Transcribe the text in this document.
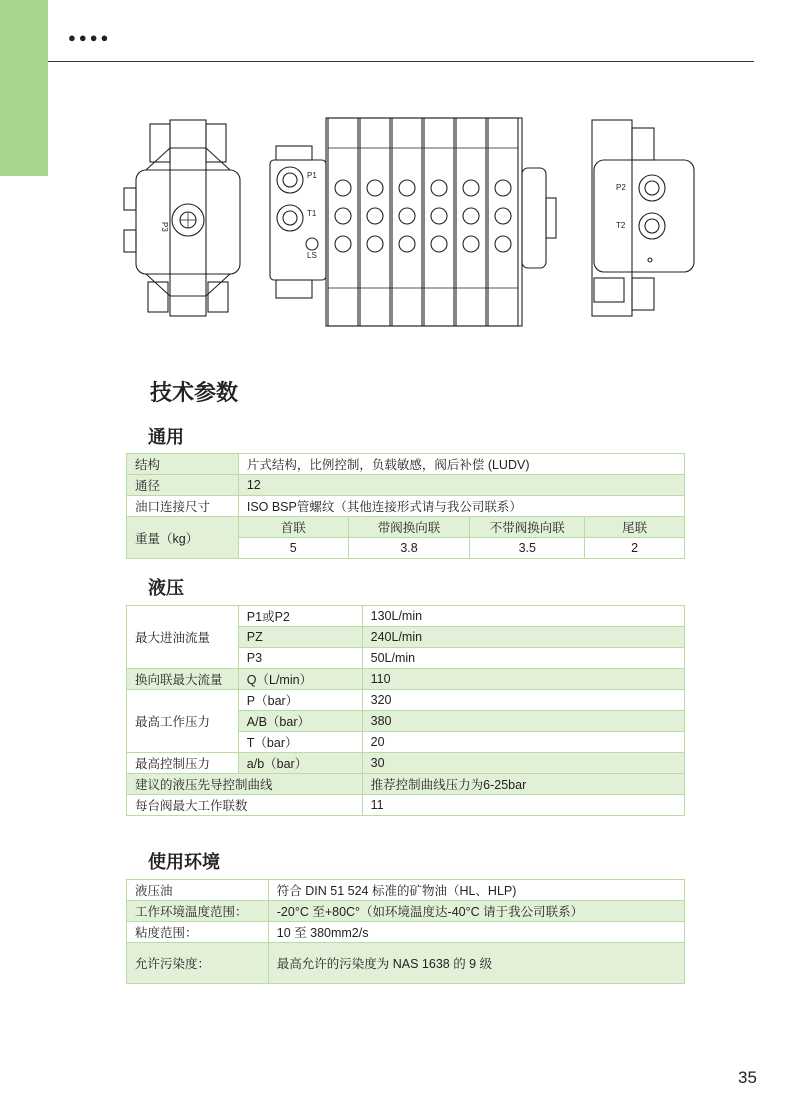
●●●●
P3
P1
T1
LS
P2
T2
技术参数
通用
结构	片式结构，比例控制，负载敏感，阀后补偿 (LUDV)			
通径	12			
油口连接尺寸	ISO BSP管螺纹（其他连接形式请与我公司联系）			
重量（kg）	首联	带阀换向联	不带阀换向联	尾联
	5	3.8	3.5	2
液压
最大进油流量	P1或P2	130L/min
	PZ	240L/min
	P3	50L/min
换向联最大流量	Q（L/min）	110
最高工作压力	P（bar）	320
	A/B（bar）	380
	T（bar）	20
最高控制压力	a/b（bar）	30
建议的液压先导控制曲线		推荐控制曲线压力为6-25bar
每台阀最大工作联数		11
使用环境
液压油	符合 DIN 51 524 标准的矿物油（HL、HLP)
工作环境温度范围：	-20°C 至+80C°（如环境温度达-40°C 请于我公司联系）
粘度范围：	10 至 380mm2/s
允许污染度：	最高允许的污染度为 NAS 1638 的 9 级
35
